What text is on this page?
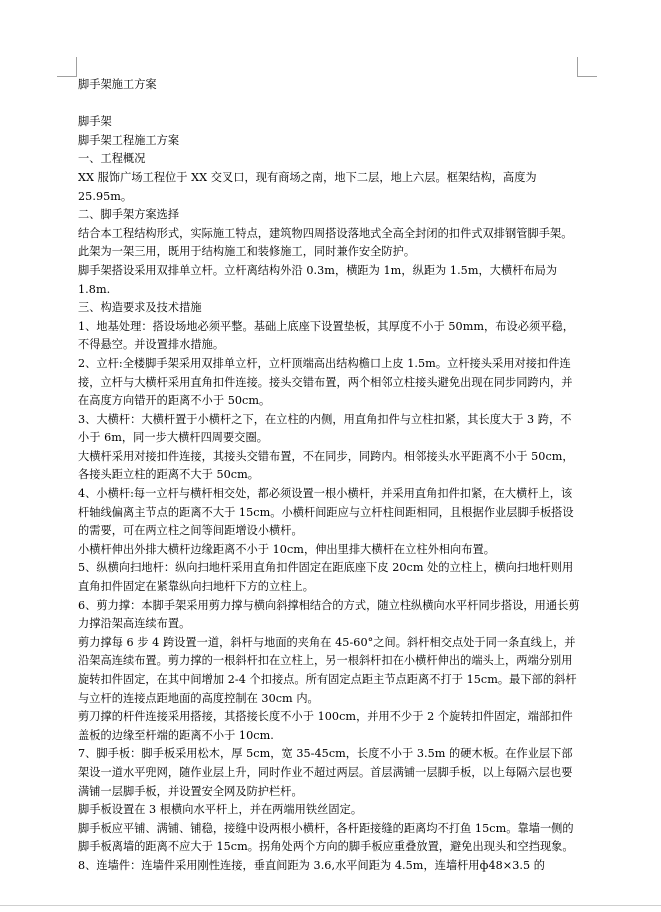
脚手架施工方案

脚手架

脚手架工程施工方案

一、工程概况

XX 服饰广场工程位于 XX 交叉口，现有商场之南，地下二层，地上六层。框架结构，高度为 25.95m。

二、脚手架方案选择

结合本工程结构形式，实际施工特点，建筑物四周搭设落地式全高全封闭的扣件式双排钢管脚手架。此架为一架三用，既用于结构施工和装修施工，同时兼作安全防护。

脚手架搭设采用双排单立杆。立杆离结构外沿 0.3m，横距为 1m，纵距为 1.5m，大横杆布局为 1.8m.

三、构造要求及技术措施

1、地基处理：搭设场地必须平整。基础上底座下设置垫板，其厚度不小于 50mm，布设必须平稳，不得悬空。并设置排水措施。

2、立杆:全楼脚手架采用双排单立杆，立杆顶端高出结构檐口上皮 1.5m。立杆接头采用对接扣件连接，立杆与大横杆采用直角扣件连接。接头交错布置，两个相邻立柱接头避免出现在同步同跨内，并在高度方向错开的距离不小于 50cm。

3、大横杆：大横杆置于小横杆之下，在立柱的内侧，用直角扣件与立柱扣紧，其长度大于 3 跨，不小于 6m，同一步大横杆四周要交圈。

大横杆采用对接扣件连接，其接头交错布置，不在同步，同跨内。相邻接头水平距离不小于 50cm，各接头距立柱的距离不大于 50cm。

4、小横杆:每一立杆与横杆相交处，都必须设置一根小横杆，并采用直角扣件扣紧，在大横杆上，该杆轴线偏离主节点的距离不大于 15cm。小横杆间距应与立杆柱间距相同，且根据作业层脚手板搭设的需要，可在两立柱之间等间距增设小横杆。

小横杆伸出外排大横杆边缘距离不小于 10cm，伸出里排大横杆在立柱外相向布置。

5、纵横向扫地杆：纵向扫地杆采用直角扣件固定在距底座下皮 20cm 处的立柱上，横向扫地杆则用直角扣件固定在紧靠纵向扫地杆下方的立柱上。

6、剪力撑：本脚手架采用剪力撑与横向斜撑相结合的方式，随立柱纵横向水平杆同步搭设，用通长剪力撑沿架高连续布置。

剪力撑每 6 步 4 跨设置一道，斜杆与地面的夹角在 45-60°之间。斜杆相交点处于同一条直线上，并沿架高连续布置。剪力撑的一根斜杆扣在立柱上，另一根斜杆扣在小横杆伸出的端头上，两端分别用旋转扣件固定，在其中间增加 2-4 个扣接点。所有固定点距主节点距离不打于 15cm。最下部的斜杆与立杆的连接点距地面的高度控制在 30cm 内。

剪刀撑的杆件连接采用搭接，其搭接长度不小于 100cm，并用不少于 2 个旋转扣件固定，端部扣件盖板的边缘至杆端的距离不小于 10cm.

7、脚手板：脚手板采用松木，厚 5cm，宽 35-45cm，长度不小于 3.5m 的硬木板。在作业层下部架设一道水平兜网，随作业层上升，同时作业不超过两层。首层满铺一层脚手板，以上每隔六层也要满铺一层脚手板，并设置安全网及防护栏杆。

脚手板设置在 3 根横向水平杆上，并在两端用铁丝固定。

脚手板应平铺、满铺、铺稳，接缝中设两根小横杆，各杆距接缝的距离均不打鱼 15cm。靠墙一侧的脚手板离墙的距离不应大于 15cm。拐角处两个方向的脚手板应重叠放置，避免出现头和空挡现象。

8、连墙件：连墙件采用刚性连接，垂直间距为 3.6,水平间距为 4.5m，连墙杆用ф48×3.5 的
